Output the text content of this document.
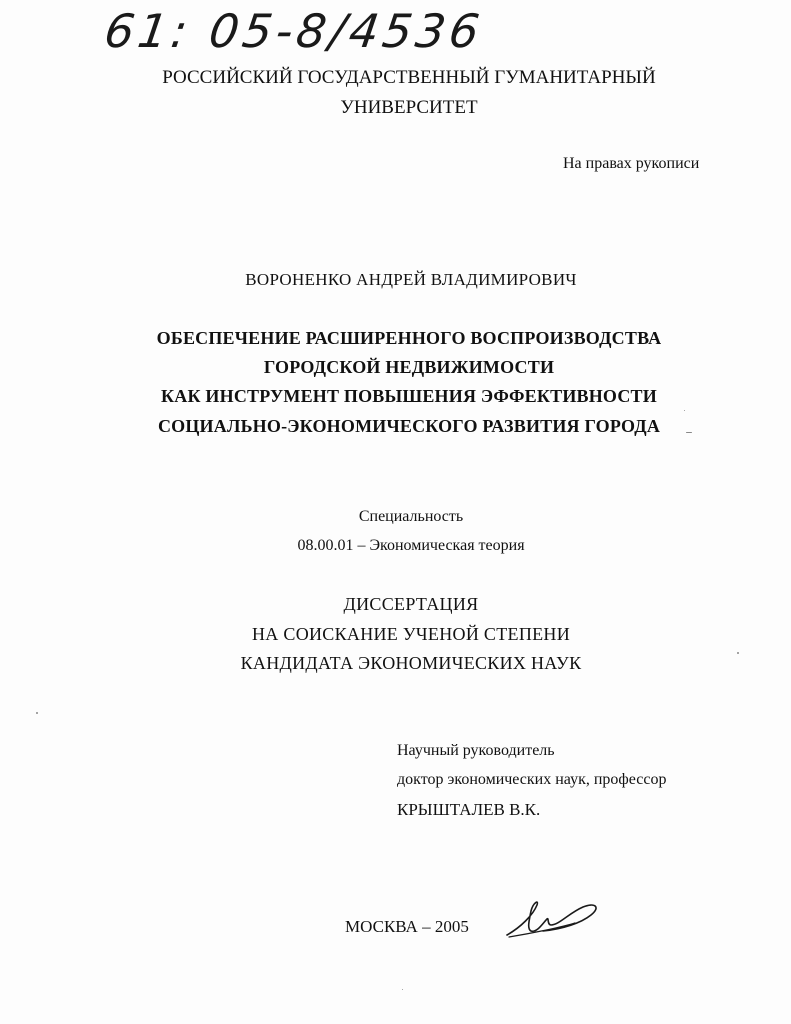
61: 05-8/4536
РОССИЙСКИЙ ГОСУДАРСТВЕННЫЙ ГУМАНИТАРНЫЙ
УНИВЕРСИТЕТ
На правах рукописи
ВОРОНЕНКО АНДРЕЙ ВЛАДИМИРОВИЧ
ОБЕСПЕЧЕНИЕ РАСШИРЕННОГО ВОСПРОИЗВОДСТВА
ГОРОДСКОЙ НЕДВИЖИМОСТИ
КАК ИНСТРУМЕНТ ПОВЫШЕНИЯ ЭФФЕКТИВНОСТИ
СОЦИАЛЬНО-ЭКОНОМИЧЕСКОГО РАЗВИТИЯ ГОРОДА
Специальность
08.00.01 – Экономическая теория
ДИССЕРТАЦИЯ
НА СОИСКАНИЕ УЧЕНОЙ СТЕПЕНИ
КАНДИДАТА ЭКОНОМИЧЕСКИХ НАУК
Научный руководитель
доктор экономических наук, профессор
КРЫШТАЛЕВ В.К.
МОСКВА – 2005
